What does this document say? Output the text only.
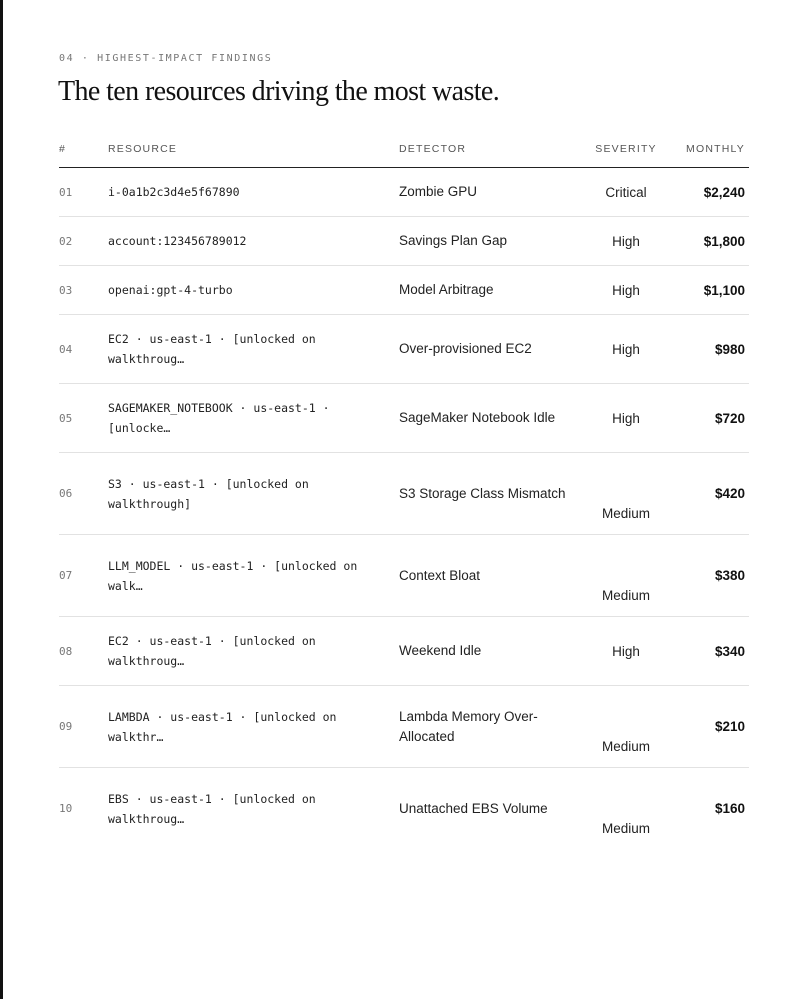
04 · HIGHEST-IMPACT FINDINGS
The ten resources driving the most waste.
#	RESOURCE	DETECTOR	SEVERITY	MONTHLY
01	i-0a1b2c3d4e5f67890	Zombie GPU	Critical	$2,240
02	account:123456789012	Savings Plan Gap	High	$1,800
03	openai:gpt-4-turbo	Model Arbitrage	High	$1,100
04	EC2 · us-east-1 · [unlocked on walkthroug…	Over-provisioned EC2	High	$980
05	SAGEMAKER_NOTEBOOK · us-east-1 · [unlocke…	SageMaker Notebook Idle	High	$720
06	S3 · us-east-1 · [unlocked on walkthrough]	S3 Storage Class Mismatch	Medium	$420
07	LLM_MODEL · us-east-1 · [unlocked on walk…	Context Bloat	Medium	$380
08	EC2 · us-east-1 · [unlocked on walkthroug…	Weekend Idle	High	$340
09	LAMBDA · us-east-1 · [unlocked on walkthr…	Lambda Memory Over-Allocated	Medium	$210
10	EBS · us-east-1 · [unlocked on walkthroug…	Unattached EBS Volume	Medium	$160
